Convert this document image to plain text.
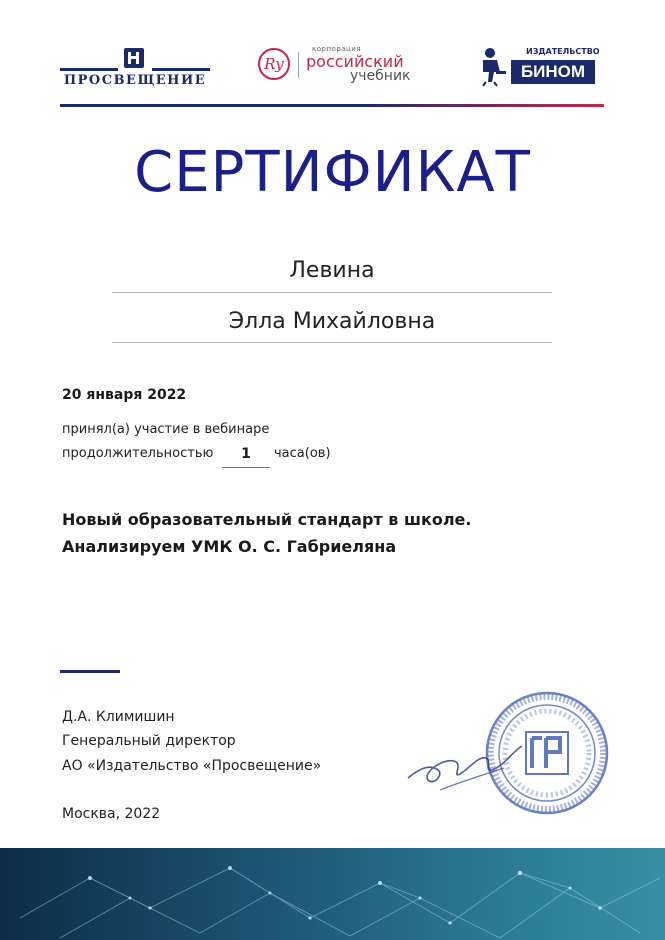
ПРОСВЕЩЕНИЕ
Ry
корпорация
российский
учебник
ИЗДАТЕЛЬСТВО
БИНОМ
СЕРТИФИКАТ
Левина
Элла Михайловна
20 января 2022
принял(а) участие в вебинаре
продолжительностью	1	часа(ов)
Новый образовательный стандарт в школе.
Анализируем УМК О. С. Габриеляна
Д.А. Климишин
Генеральный директор
АО «Издательство «Просвещение»
Москва, 2022
